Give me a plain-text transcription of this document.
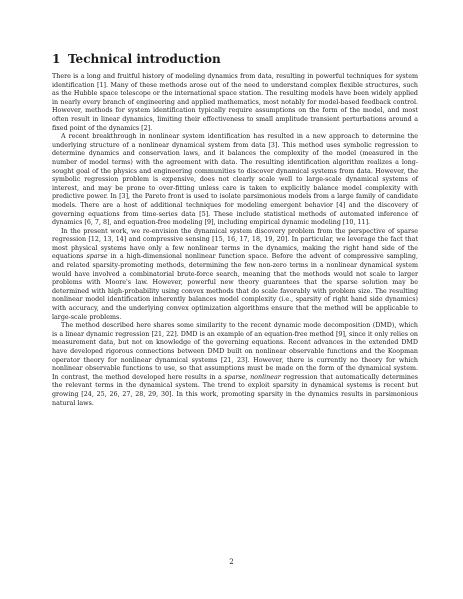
1 Technical introduction

There is a long and fruitful history of modeling dynamics from data, resulting in powerful techniques for system identification [1]. Many of these methods arose out of the need to understand complex flexible structures, such as the Hubble space telescope or the international space station. The resulting models have been widely applied in nearly every branch of engineering and applied mathematics, most notably for model-based feedback control. However, methods for system identification typically require assumptions on the form of the model, and most often result in linear dynamics, limiting their effectiveness to small amplitude transient perturbations around a fixed point of the dynamics [2].

A recent breakthrough in nonlinear system identification has resulted in a new approach to determine the underlying structure of a nonlinear dynamical system from data [3]. This method uses symbolic regression to determine dynamics and conservation laws, and it balances the complexity of the model (measured in the number of model terms) with the agreement with data. The resulting identification algorithm realizes a long-sought goal of the physics and engineering communities to discover dynamical systems from data. However, the symbolic regression problem is expensive, does not clearly scale well to large-scale dynamical systems of interest, and may be prone to over-fitting unless care is taken to explicitly balance model complexity with predictive power. In [3], the Pareto front is used to isolate parsimonious models from a large family of candidate models. There are a host of additional techniques for modeling emergent behavior [4] and the discovery of governing equations from time-series data [5]. These include statistical methods of automated inference of dynamics [6, 7, 8], and equation-free modeling [9], including empirical dynamic modeling [10, 11].

In the present work, we re-envision the dynamical system discovery problem from the perspective of sparse regression [12, 13, 14] and compressive sensing [15, 16, 17, 18, 19, 20]. In particular, we leverage the fact that most physical systems have only a few nonlinear terms in the dynamics, making the right hand side of the equations sparse in a high-dimensional nonlinear function space. Before the advent of compressive sampling, and related sparsity-promoting methods, determining the few non-zero terms in a nonlinear dynamical system would have involved a combinatorial brute-force search, meaning that the methods would not scale to larger problems with Moore's law. However, powerful new theory guarantees that the sparse solution may be determined with high-probability using convex methods that do scale favorably with problem size. The resulting nonlinear model identification inherently balances model complexity (i.e., sparsity of right hand side dynamics) with accuracy, and the underlying convex optimization algorithms ensure that the method will be applicable to large-scale problems.

The method described here shares some similarity to the recent dynamic mode decomposition (DMD), which is a linear dynamic regression [21, 22]. DMD is an example of an equation-free method [9], since it only relies on measurement data, but not on knowledge of the governing equations. Recent advances in the extended DMD have developed rigorous connections between DMD built on nonlinear observable functions and the Koopman operator theory for nonlinear dynamical systems [21, 23]. However, there is currently no theory for which nonlinear observable functions to use, so that assumptions must be made on the form of the dynamical system. In contrast, the method developed here results in a sparse, nonlinear regression that automatically determines the relevant terms in the dynamical system. The trend to exploit sparsity in dynamical systems is recent but growing [24, 25, 26, 27, 28, 29, 30]. In this work, promoting sparsity in the dynamics results in parsimonious natural laws.

2
